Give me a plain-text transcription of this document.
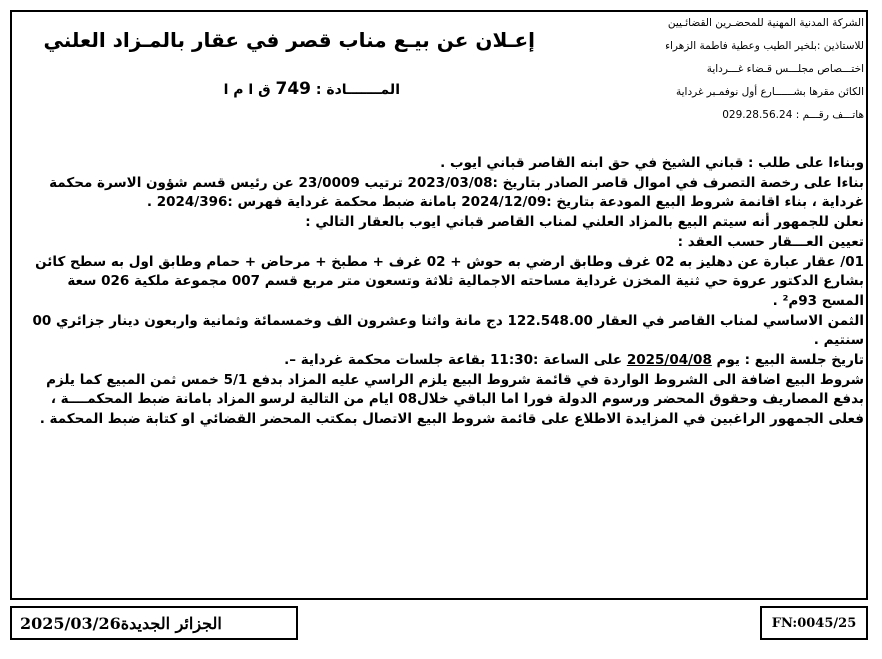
الشركة المدنية المهنية للمحضـرين القضائـيين
للاستاذين :بلخير الطيب وعطية فاطمة الزهراء
اختـــصاص مجلـــس قـضاء غـــرداية
الكائن مقرها بشــــــارع أول نوفمـبر غرداية
هاتـــف رقـــم : 029.28.56.24
إعـلان عن بيـع مناب قصر في عقار بالمـزاد العلني
المـــــــادة : 749 ق ا م ا

وبناءا على طلب : قباني الشيخ في حق ابنه القاصر قباني ايوب .

بناءا على رخصة التصرف في اموال قاصر الصادر بتاريخ :2023/03/08 ترتيب 23/0009 عن رئيس قسم شؤون الاسرة محكمة غرداية ، بناء اقانمة شروط البيع المودعة بتاريخ :2024/12/09 بامانة ضبط محكمة غرداية فهرس :2024/396 .

نعلن للجمهور أنه سيتم البيع بالمزاد العلني لمناب القاصر قباني ايوب بالعقار التالي :

تعيين العـــقار حسب العقد :

01/ عقار عبارة عن دهليز به 02 غرف وطابق ارضي به حوش + 02 غرف + مطبخ + مرحاض + حمام وطابق اول به سطح كائن بشارع الدكتور عروة حي ثنية المخزن غرداية مساحته الاجمالية ثلاثة وتسعون متر مربع قسم 007 مجموعة ملكية 026 سعة المسح 93م² .

الثمن الاساسي لمناب القاصر في العقار 122.548.00 دج مانة واثنا وعشرون الف وخمسمائة وثمانية واربعون دينار جزائري 00 سنتيم .

تاريخ جلسة البيع : يوم 2025/04/08 على الساعة :11:30 بقاعة جلسات محكمة غرداية –.

شروط البيع اضافة الى الشروط الواردة في قائمة شروط البيع يلزم الراسي عليه المزاد بدفع 5/1 خمس ثمن المبيع كما يلزم بدفع المصاريف وحقوق المحضر ورسوم الدولة فورا اما الباقي خلال08 ايام من التالية لرسو المزاد بامانة ضبط المحكمــــة ، فعلى الجمهور الراغبين في المزايدة الاطلاع على قائمة شروط البيع الاتصال بمكتب المحضر القضائي او كتابة ضبط المحكمة .

2025/03/26الجزائر الجديدة	FN:0045/25
